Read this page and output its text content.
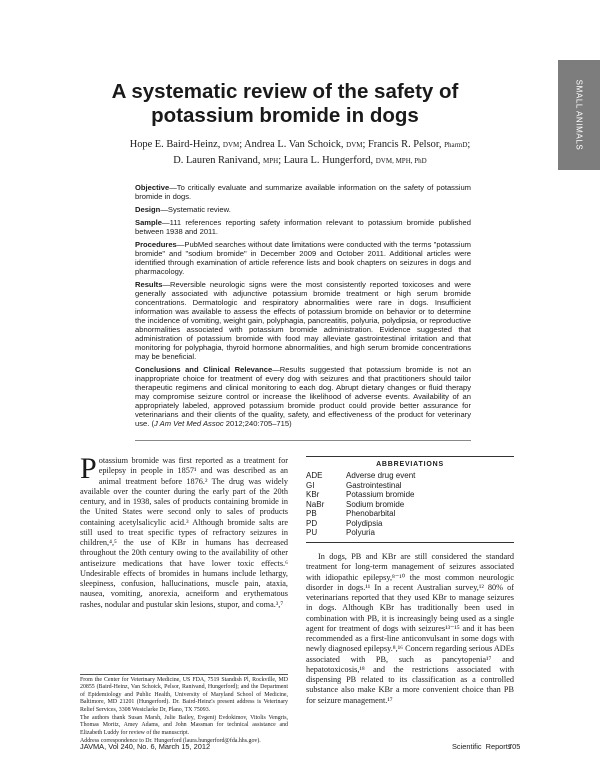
SMALL ANIMALS
A systematic review of the safety of potassium bromide in dogs
Hope E. Baird-Heinz, DVM; Andrea L. Van Schoick, DVM; Francis R. Pelsor, PharmD;
D. Lauren Ranivand, MPH; Laura L. Hungerford, DVM, MPH, PhD

Objective—To critically evaluate and summarize available information on the safety of potassium bromide in dogs.

Design—Systematic review.

Sample—111 references reporting safety information relevant to potassium bromide published between 1938 and 2011.

Procedures—PubMed searches without date limitations were conducted with the terms "potassium bromide" and "sodium bromide" in December 2009 and October 2011. Additional articles were identified through examination of article reference lists and book chapters on seizures in dogs and pharmacology.

Results—Reversible neurologic signs were the most consistently reported toxicoses and were generally associated with adjunctive potassium bromide treatment or high serum bromide concentrations. Dermatologic and respiratory abnormalities were rare in dogs. Insufficient information was available to assess the effects of potassium bromide on behavior or to determine the incidence of vomiting, weight gain, polyphagia, pancreatitis, polyuria, polydipsia, or reproductive abnormalities associated with potassium bromide administration. Evidence suggested that administration of potassium bromide with food may alleviate gastrointestinal irritation and that monitoring for polyphagia, thyroid hormone abnormalities, and high serum bromide concentrations may be beneficial.

Conclusions and Clinical Relevance—Results suggested that potassium bromide is not an inappropriate choice for treatment of every dog with seizures and that practitioners should tailor therapeutic regimens and clinical monitoring to each dog. Abrupt dietary changes or fluid therapy may compromise seizure control or increase the likelihood of adverse events. Availability of an appropriately labeled, approved potassium bromide product could provide better assurance for veterinarians and their clients of the quality, safety, and effectiveness of the product for veterinary use. (J Am Vet Med Assoc 2012;240:705–715)

Potassium bromide was first reported as a treatment for epilepsy in people in 1857¹ and was described as an animal treatment before 1876.² The drug was widely available over the counter during the early part of the 20th century, and in 1938, sales of products containing bromide in the United States were second only to sales of products containing acetylsalicylic acid.³ Although bromide salts are still used to treat specific types of refractory seizures in children,⁴,⁵ the use of KBr in humans has decreased throughout the 20th century owing to the availability of other antiseizure medications that have lower toxic effects.⁶ Undesirable effects of bromides in humans include lethargy, sleepiness, confusion, hallucinations, muscle pain, ataxia, nausea, vomiting, anorexia, acneiform and erythematous rashes, nodular and pustular skin lesions, stupor, and coma.³,⁷

From the Center for Veterinary Medicine, US FDA, 7519 Standish Pl, Rockville, MD 20855 (Baird-Heinz, Van Schoick, Pelsor, Ranivand, Hungerford); and the Department of Epidemiology and Public Health, University of Maryland School of Medicine, Baltimore, MD 21201 (Hungerford). Dr. Baird-Heinz's present address is Veterinary Relief Services, 3308 Westclarke Dr, Plano, TX 75093.

The authors thank Susan Marsh, Julie Bailey, Evgenij Evdokimov, Vitolis Vengris, Thomas Moritz, Amey Adams, and John Massman for technical assistance and Elizabeth Luddy for review of the manuscript.

Address correspondence to Dr. Hungerford (laura.hungerford@fda.hhs.gov).

ABBREVIATIONS
ADE	Adverse drug event
GI	Gastrointestinal
KBr	Potassium bromide
NaBr	Sodium bromide
PB	Phenobarbital
PD	Polydipsia
PU	Polyuria

In dogs, PB and KBr are still considered the standard treatment for long-term management of seizures associated with idiopathic epilepsy,⁸⁻¹⁰ the most common neurologic disorder in dogs.¹¹ In a recent Australian survey,¹² 80% of veterinarians reported that they used KBr to manage seizures in dogs. Although KBr has traditionally been used in combination with PB, it is increasingly being used as a single agent for treatment of dogs with seizures¹³⁻¹⁵ and it has been recommended as a first-line anticonvulsant in some dogs with newly diagnosed epilepsy.⁸,¹⁶ Concern regarding serious ADEs associated with PB, such as pancytopenia¹⁷ and hepatotoxicosis,¹⁸ and the restrictions associated with dispensing PB related to its classification as a controlled substance also make KBr a more convenient choice than PB for seizure management.¹⁷

JAVMA, Vol 240, No. 6, March 15, 2012	Scientific Reports
705
